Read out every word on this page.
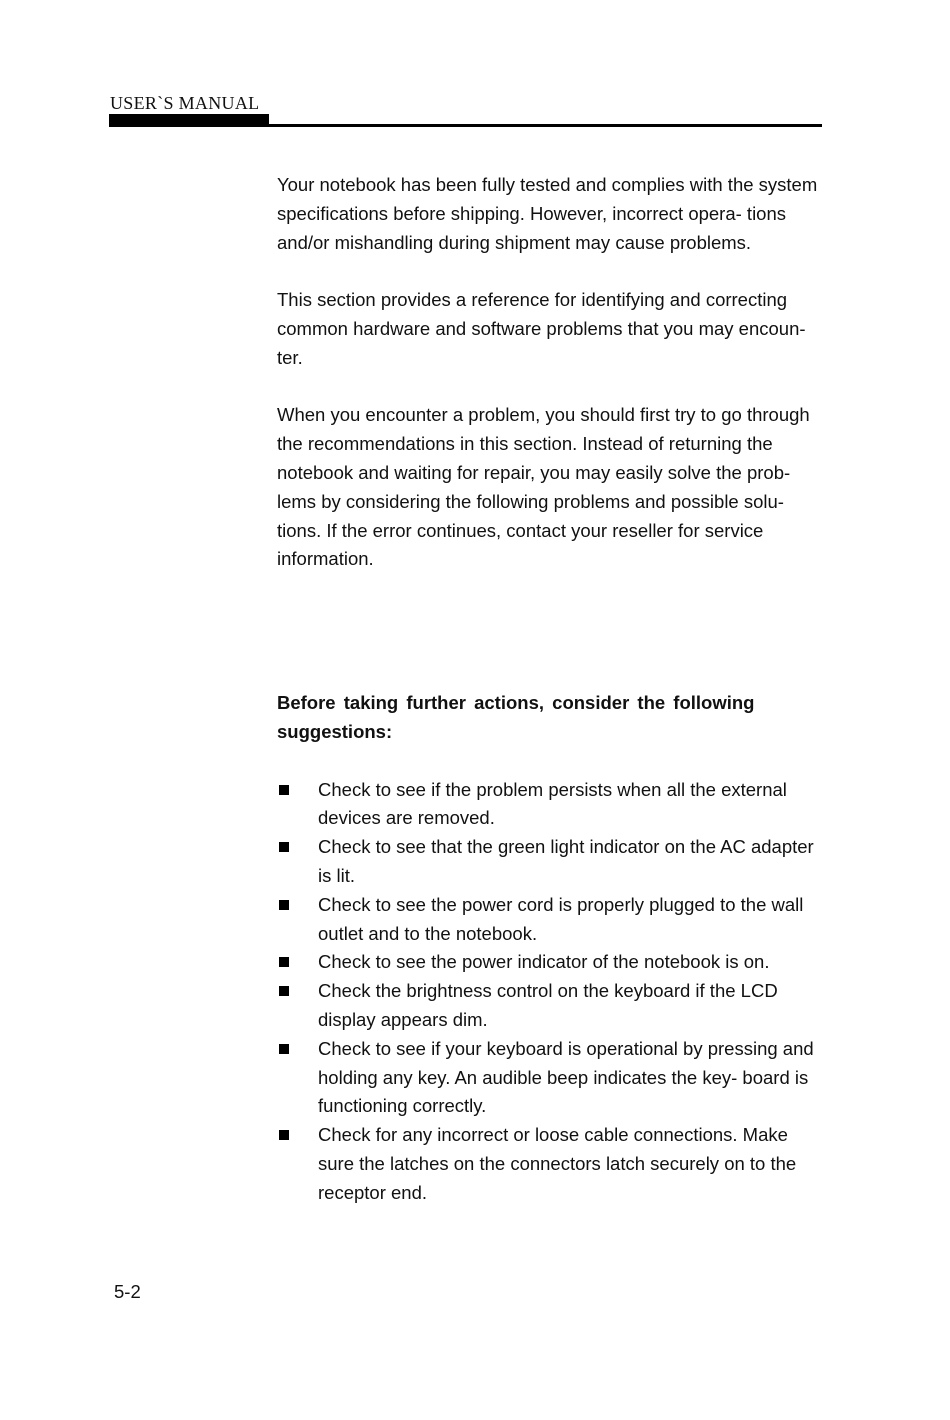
USER`S MANUAL

Your notebook has been fully tested and complies with the system specifications before shipping. However, incorrect opera- tions and/or mishandling during shipment may cause problems.

This section provides a reference for identifying and correcting common hardware and software problems that you may encoun- ter.

When you encounter a problem, you should first try to go through the recommendations in this section. Instead of returning the notebook and waiting for repair, you may easily solve the prob- lems by considering the following problems and possible solu- tions. If the error continues, contact your reseller for service information.

Before taking further actions, consider the following suggestions:
Check to see if the problem persists when all the external devices are removed.
Check to see that the green light indicator on the AC adapter is lit.
Check to see the power cord is properly plugged to the wall outlet and to the notebook.
Check to see the power indicator of the notebook is on.
Check the brightness control on the keyboard if the LCD display appears dim.
Check to see if your keyboard is operational by pressing and holding any key. An audible beep indicates the key- board is functioning correctly.
Check for any incorrect or loose cable connections. Make sure the latches on the connectors latch securely on to the receptor end.
5-2
